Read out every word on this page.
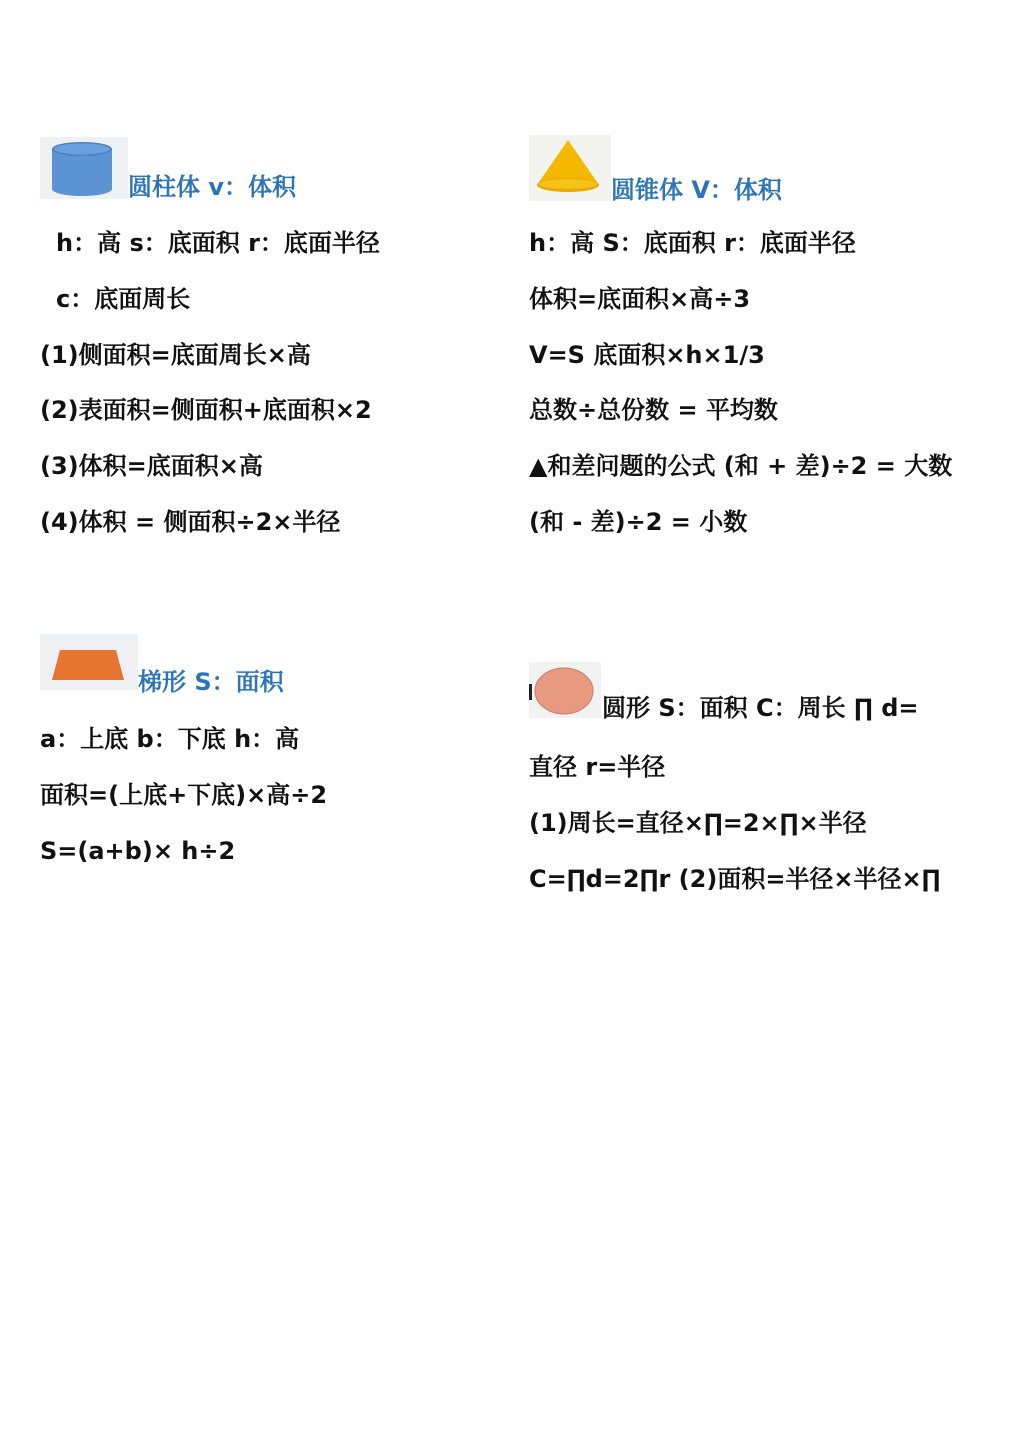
圆柱体 v：体积
h：高 s：底面积 r：底面半径
c：底面周长
(1)侧面积=底面周长×高
(2)表面积=侧面积+底面积×2
(3)体积=底面积×高
(4)体积 = 侧面积÷2×半径
圆锥体 V：体积
h：高 S：底面积 r：底面半径
体积=底面积×高÷3
V=S 底面积×h×1/3
总数÷总份数 = 平均数
▲和差问题的公式 (和 + 差)÷2 = 大数
(和 - 差)÷2 = 小数
梯形 S：面积
a：上底 b：下底 h：高
面积=(上底+下底)×高÷2
S=(a+b)× h÷2
圆形 S：面积 C：周长 ∏ d=
直径 r=半径
(1)周长=直径×∏=2×∏×半径
C=∏d=2∏r (2)面积=半径×半径×∏
